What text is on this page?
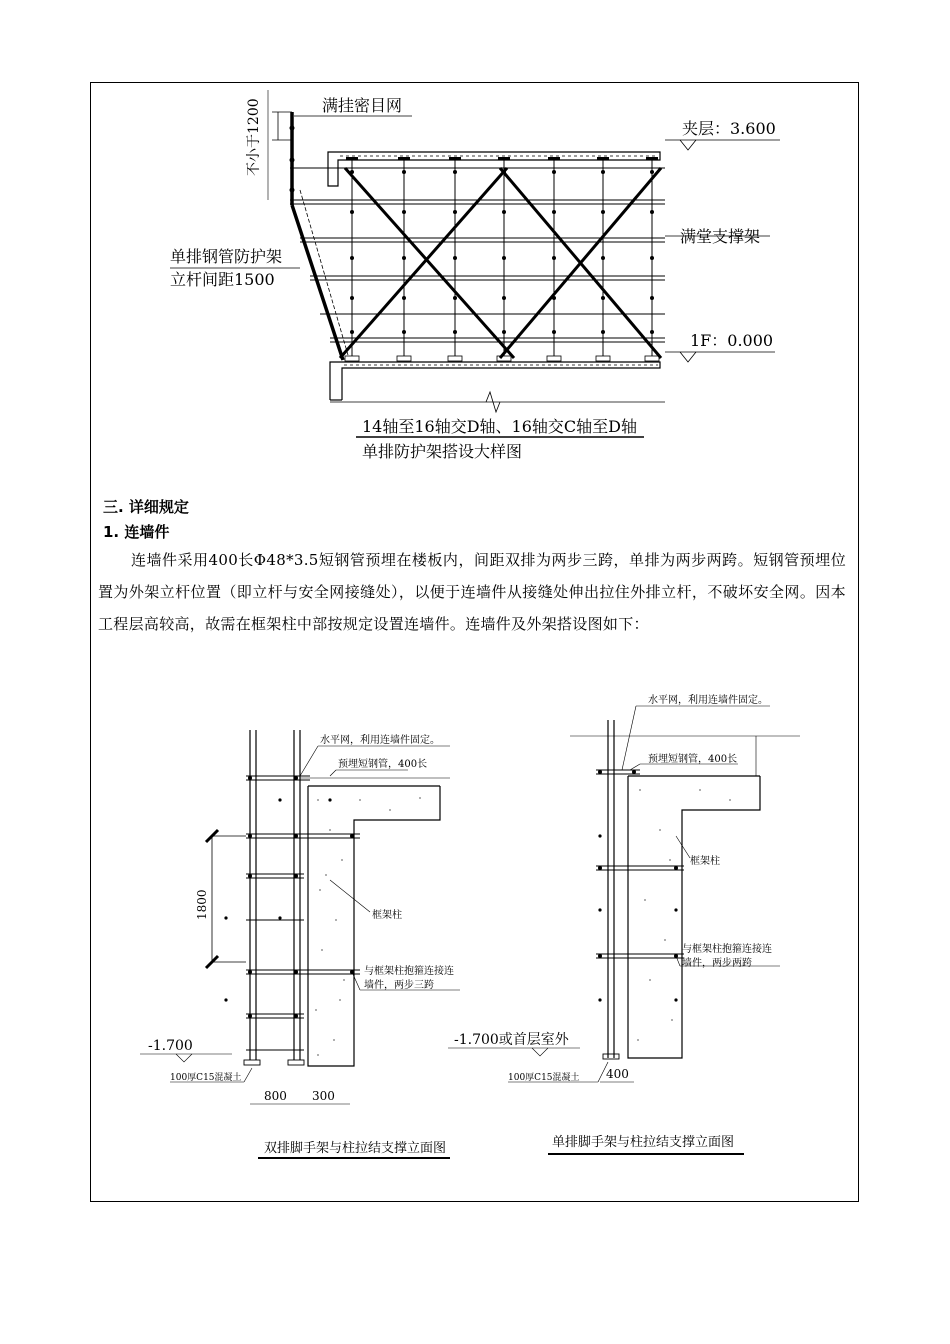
不小于1200	满挂密目网
夹层：3.600
满堂支撑架
单排钢管防护架
立杆间距1500
1F：0.000
14轴至16轴交D轴、16轴交C轴至D轴
单排防护架搭设大样图
三. 详细规定
1. 连墙件
连墙件采用400长Φ48*3.5短钢管预埋在楼板内，间距双排为两步三跨，单排为两步两跨。短钢管预埋位置为外架立杆位置（即立杆与安全网接缝处），以便于连墙件从接缝处伸出拉住外排立杆，不破坏安全网。因本工程层高较高，故需在框架柱中部按规定设置连墙件。连墙件及外架搭设图如下：
水平网，利用连墙件固定。
预埋短钢管，400长
框架柱
与框架柱抱箍连接连
墙件，两步三跨
1800
-1.700
100厚C15混凝土
800 300
双排脚手架与柱拉结支撑立面图
水平网，利用连墙件固定。
预埋短钢管，400长
框架柱
与框架柱抱箍连接连
墙件，两步两跨
-1.700或首层室外
100厚C15混凝土 400
单排脚手架与柱拉结支撑立面图
